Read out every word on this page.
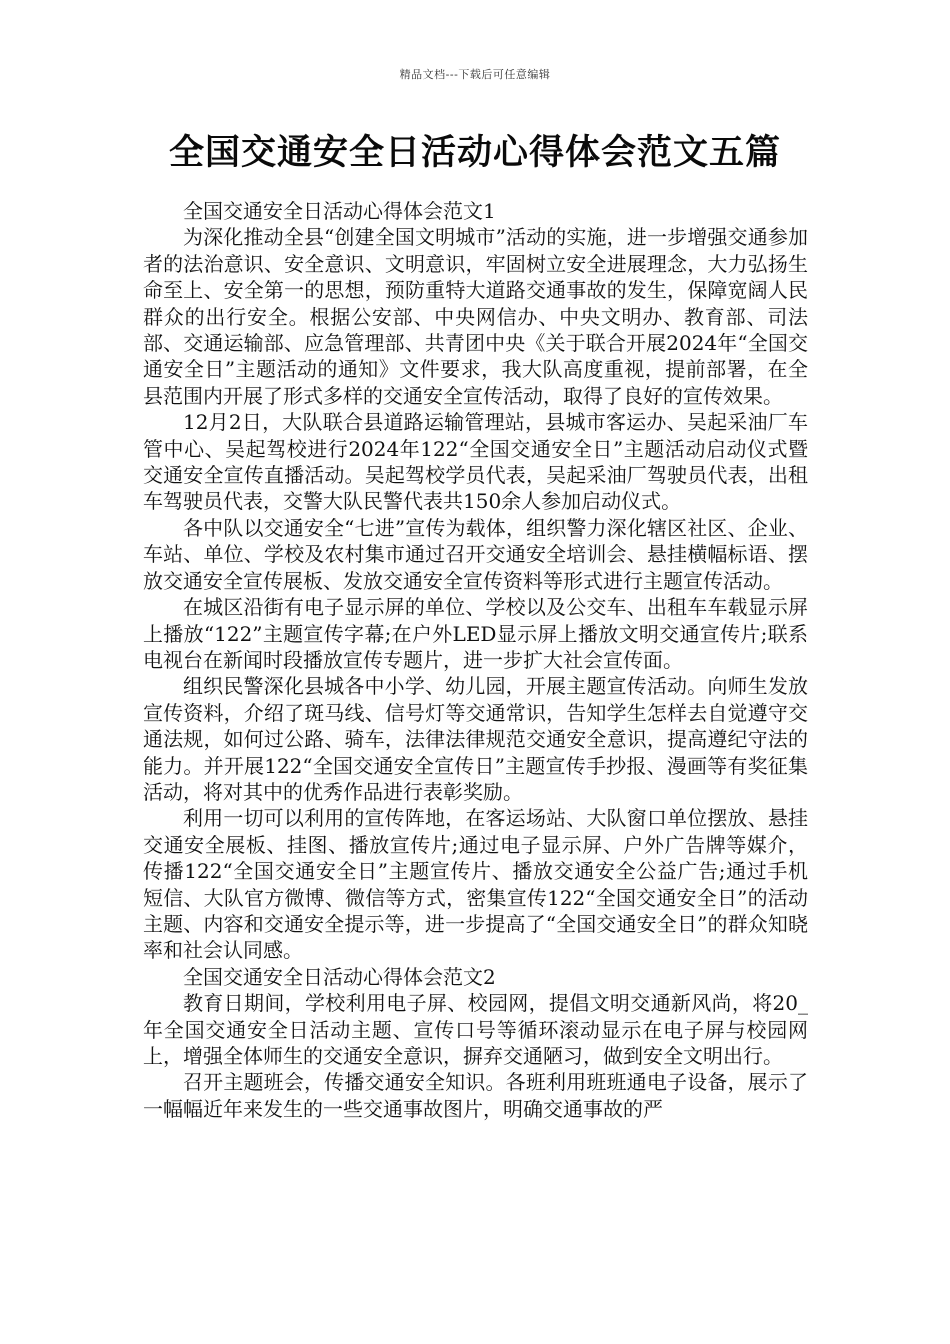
精品文档---下载后可任意编辑
全国交通安全日活动心得体会范文五篇

全国交通安全日活动心得体会范文1

为深化推动全县“创建全国文明城市”活动的实施，进一步增强交通参加者的法治意识、安全意识、文明意识，牢固树立安全进展理念，大力弘扬生命至上、安全第一的思想，预防重特大道路交通事故的发生，保障宽阔人民群众的出行安全。根据公安部、中央网信办、中央文明办、教育部、司法部、交通运输部、应急管理部、共青团中央《关于联合开展2024年“全国交通安全日”主题活动的通知》文件要求，我大队高度重视，提前部署，在全县范围内开展了形式多样的交通安全宣传活动，取得了良好的宣传效果。

12月2日，大队联合县道路运输管理站，县城市客运办、吴起采油厂车管中心、吴起驾校进行2024年122“全国交通安全日”主题活动启动仪式暨交通安全宣传直播活动。吴起驾校学员代表，吴起采油厂驾驶员代表，出租车驾驶员代表，交警大队民警代表共150余人参加启动仪式。

各中队以交通安全“七进”宣传为载体，组织警力深化辖区社区、企业、车站、单位、学校及农村集市通过召开交通安全培训会、悬挂横幅标语、摆放交通安全宣传展板、发放交通安全宣传资料等形式进行主题宣传活动。

在城区沿街有电子显示屏的单位、学校以及公交车、出租车车载显示屏上播放“122”主题宣传字幕;在户外LED显示屏上播放文明交通宣传片;联系电视台在新闻时段播放宣传专题片，进一步扩大社会宣传面。

组织民警深化县城各中小学、幼儿园，开展主题宣传活动。向师生发放宣传资料，介绍了斑马线、信号灯等交通常识，告知学生怎样去自觉遵守交通法规，如何过公路、骑车，法律法律规范交通安全意识，提高遵纪守法的能力。并开展122“全国交通安全宣传日”主题宣传手抄报、漫画等有奖征集活动，将对其中的优秀作品进行表彰奖励。

利用一切可以利用的宣传阵地，在客运场站、大队窗口单位摆放、悬挂交通安全展板、挂图、播放宣传片;通过电子显示屏、户外广告牌等媒介，传播122“全国交通安全日”主题宣传片、播放交通安全公益广告;通过手机短信、大队官方微博、微信等方式，密集宣传122“全国交通安全日”的活动主题、内容和交通安全提示等，进一步提高了“全国交通安全日”的群众知晓率和社会认同感。

全国交通安全日活动心得体会范文2

教育日期间，学校利用电子屏、校园网，提倡文明交通新风尚，将20_年全国交通安全日活动主题、宣传口号等循环滚动显示在电子屏与校园网上，增强全体师生的交通安全意识，摒弃交通陋习，做到安全文明出行。

召开主题班会，传播交通安全知识。各班利用班班通电子设备，展示了一幅幅近年来发生的一些交通事故图片，明确交通事故的严
